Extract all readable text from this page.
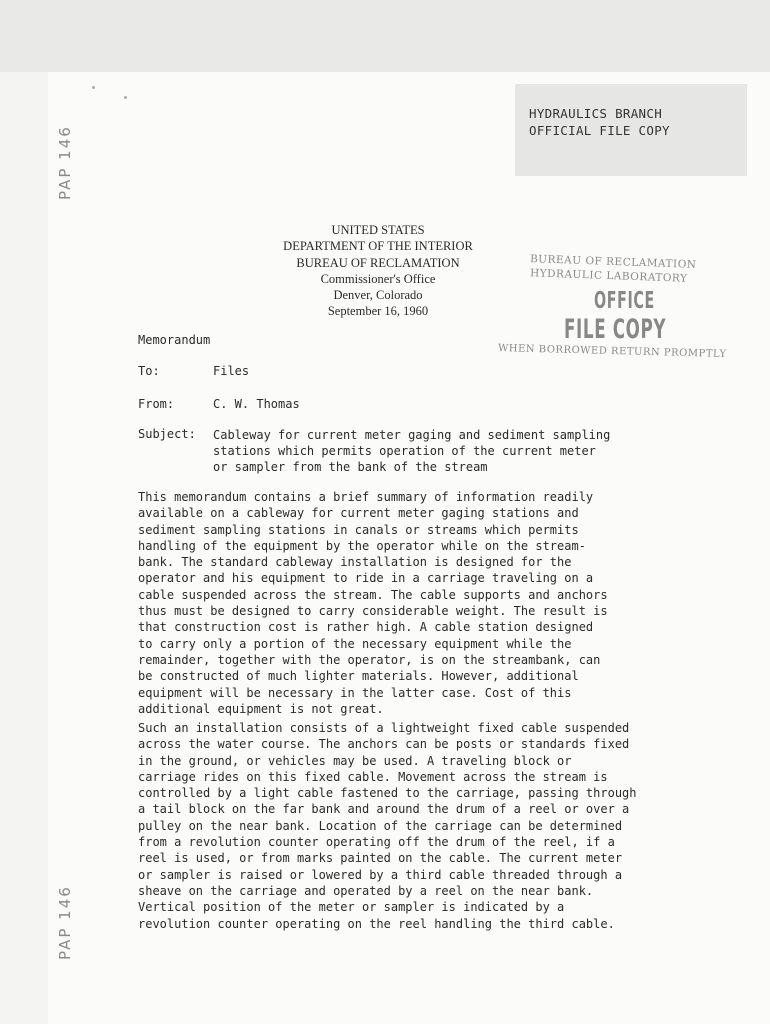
PAP 146
PAP 146
HYDRAULICS BRANCH
OFFICIAL FILE COPY
UNITED STATES
DEPARTMENT OF THE INTERIOR
BUREAU OF RECLAMATION
Commissioner's Office
Denver, Colorado
September 16, 1960
BUREAU OF RECLAMATION
HYDRAULIC LABORATORY
OFFICE
FILE COPY
WHEN BORROWED RETURN PROMPTLY
Memorandum
To:	Files
From:	C. W. Thomas
Subject: Cableway for current meter gaging and sediment sampling
stations which permits operation of the current meter
or sampler from the bank of the stream
This memorandum contains a brief summary of information readily
available on a cableway for current meter gaging stations and
sediment sampling stations in canals or streams which permits
handling of the equipment by the operator while on the stream-
bank. The standard cableway installation is designed for the
operator and his equipment to ride in a carriage traveling on a
cable suspended across the stream. The cable supports and anchors
thus must be designed to carry considerable weight. The result is
that construction cost is rather high. A cable station designed
to carry only a portion of the necessary equipment while the
remainder, together with the operator, is on the streambank, can
be constructed of much lighter materials. However, additional
equipment will be necessary in the latter case. Cost of this
additional equipment is not great.
Such an installation consists of a lightweight fixed cable suspended
across the water course. The anchors can be posts or standards fixed
in the ground, or vehicles may be used. A traveling block or
carriage rides on this fixed cable. Movement across the stream is
controlled by a light cable fastened to the carriage, passing through
a tail block on the far bank and around the drum of a reel or over a
pulley on the near bank. Location of the carriage can be determined
from a revolution counter operating off the drum of the reel, if a
reel is used, or from marks painted on the cable. The current meter
or sampler is raised or lowered by a third cable threaded through a
sheave on the carriage and operated by a reel on the near bank.
Vertical position of the meter or sampler is indicated by a
revolution counter operating on the reel handling the third cable.
